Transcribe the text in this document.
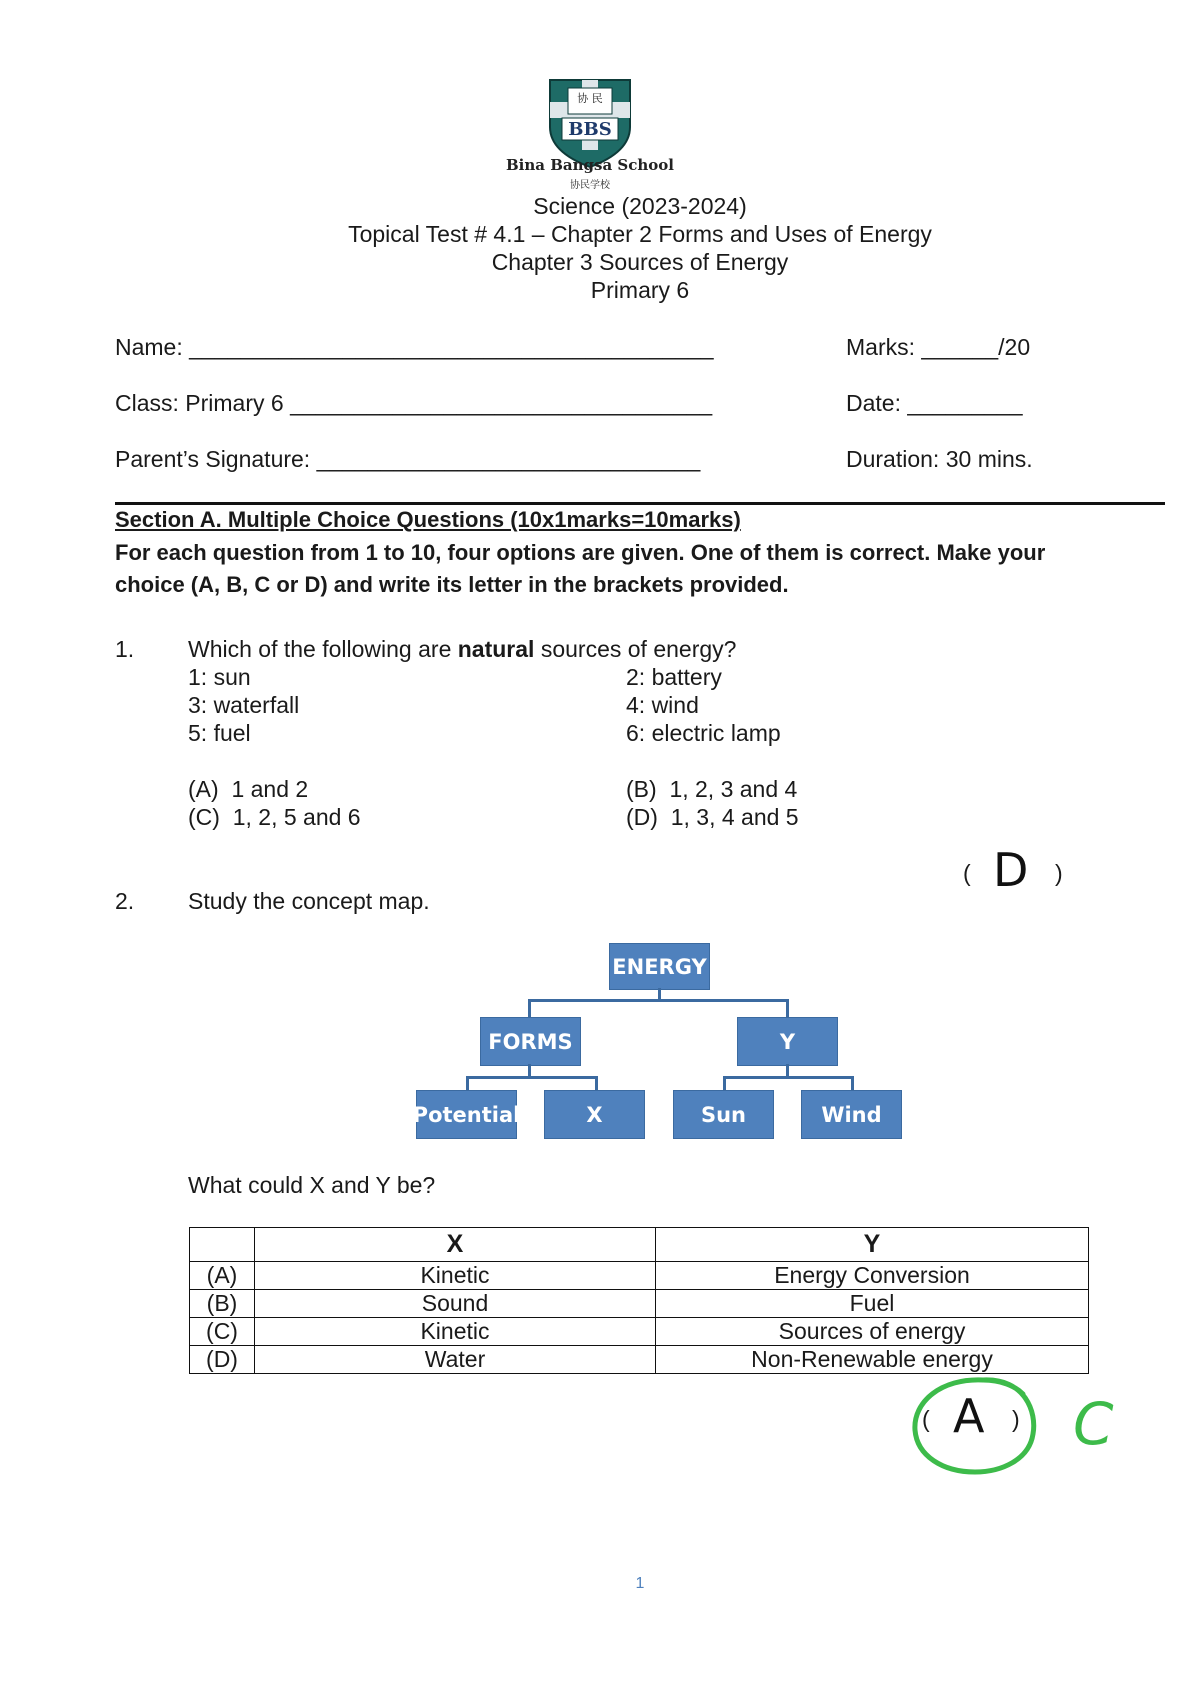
协 民
BBS
Bina Bangsa School
协民学校
Science (2023-2024)
Topical Test # 4.1 – Chapter 2 Forms and Uses of Energy
Chapter 3 Sources of Energy
Primary 6
Name: _________________________________________	Marks: ______/20
Class: Primary 6 _________________________________	Date: _________
Parent’s Signature: ______________________________	Duration: 30 mins.
Section A. Multiple Choice Questions (10x1marks=10marks)
For each question from 1 to 10, four options are given. One of them is correct. Make your
choice (A, B, C or D) and write its letter in the brackets provided.
1. Which of the following are natural sources of energy?
1: sun	2: battery
3: waterfall	4: wind
5: fuel	6: electric lamp
(A)  1 and 2	(B)  1, 2, 3 and 4
(C)  1, 2, 5 and 6	(D)  1, 3, 4 and 5
( D )
2. Study the concept map.
ENERGY
FORMS	Y
Potential	X	Sun	Wind
What could X and Y be?
	X	Y
(A)	Kinetic	Energy Conversion
(B)	Sound	Fuel
(C)	Kinetic	Sources of energy
(D)	Water	Non-Renewable energy
( A ) C
1
